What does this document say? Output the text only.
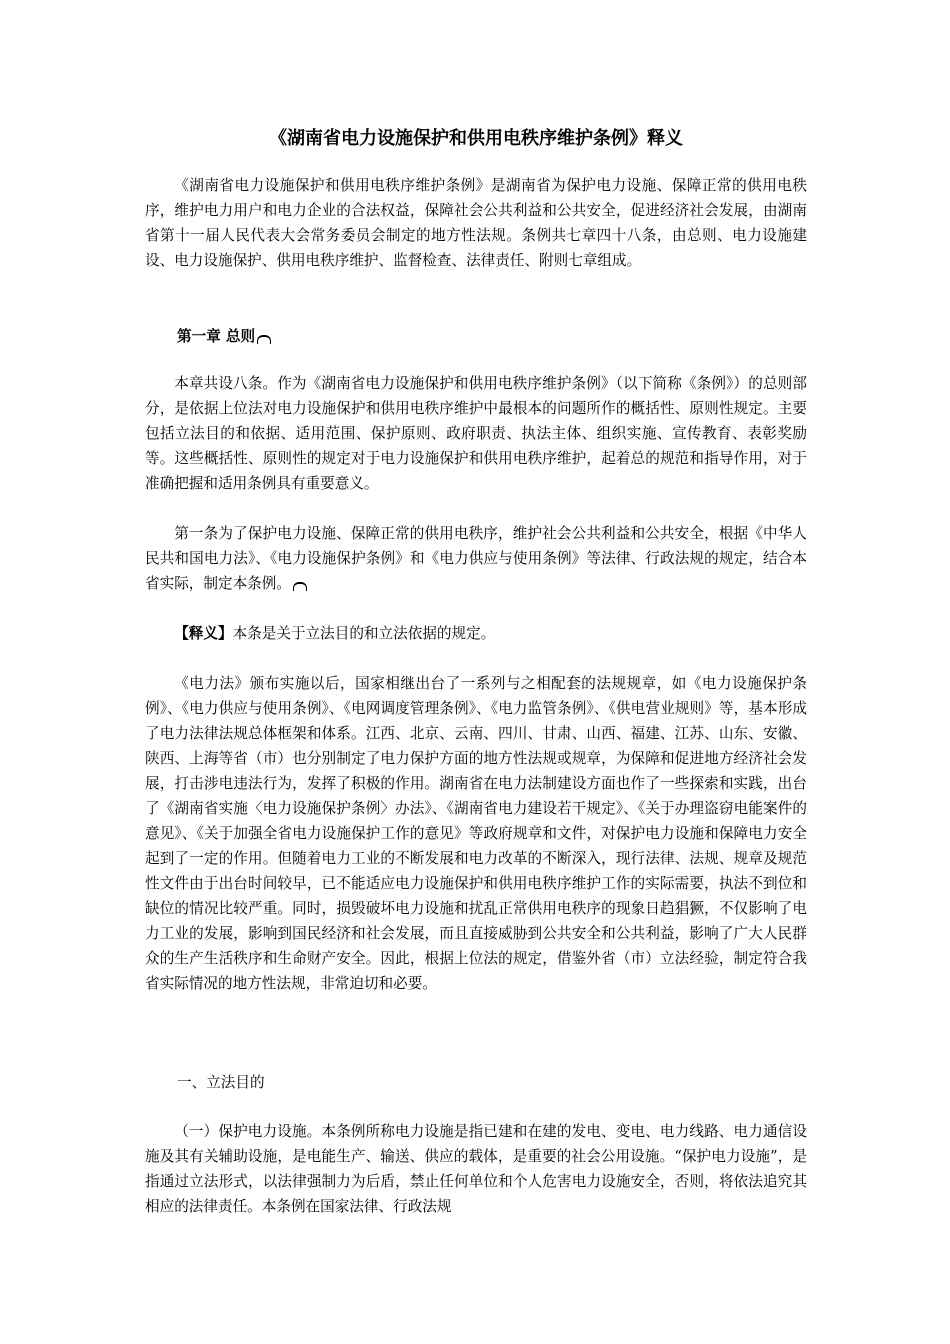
《湖南省电力设施保护和供用电秩序维护条例》释义

《湖南省电力设施保护和供用电秩序维护条例》是湖南省为保护电力设施、保障正常的供用电秩序，维护电力用户和电力企业的合法权益，保障社会公共利益和公共安全，促进经济社会发展，由湖南省第十一届人民代表大会常务委员会制定的地方性法规。条例共七章四十八条，由总则、电力设施建设、电力设施保护、供用电秩序维护、监督检查、法律责任、附则七章组成。

第一章 总则

本章共设八条。作为《湖南省电力设施保护和供用电秩序维护条例》（以下简称《条例》）的总则部分，是依据上位法对电力设施保护和供用电秩序维护中最根本的问题所作的概括性、原则性规定。主要包括立法目的和依据、适用范围、保护原则、政府职责、执法主体、组织实施、宣传教育、表彰奖励等。这些概括性、原则性的规定对于电力设施保护和供用电秩序维护，起着总的规范和指导作用，对于准确把握和适用条例具有重要意义。

第一条为了保护电力设施、保障正常的供用电秩序，维护社会公共利益和公共安全，根据《中华人民共和国电力法》、《电力设施保护条例》和《电力供应与使用条例》等法律、行政法规的规定，结合本省实际，制定本条例。

【释义】本条是关于立法目的和立法依据的规定。

《电力法》颁布实施以后，国家相继出台了一系列与之相配套的法规规章，如《电力设施保护条例》、《电力供应与使用条例》、《电网调度管理条例》、《电力监管条例》、《供电营业规则》等，基本形成了电力法律法规总体框架和体系。江西、北京、云南、四川、甘肃、山西、福建、江苏、山东、安徽、陕西、上海等省（市）也分别制定了电力保护方面的地方性法规或规章，为保障和促进地方经济社会发展，打击涉电违法行为，发挥了积极的作用。湖南省在电力法制建设方面也作了一些探索和实践，出台了《湖南省实施〈电力设施保护条例〉办法》、《湖南省电力建设若干规定》、《关于办理盗窃电能案件的意见》、《关于加强全省电力设施保护工作的意见》等政府规章和文件，对保护电力设施和保障电力安全起到了一定的作用。但随着电力工业的不断发展和电力改革的不断深入，现行法律、法规、规章及规范性文件由于出台时间较早，已不能适应电力设施保护和供用电秩序维护工作的实际需要，执法不到位和缺位的情况比较严重。同时，损毁破坏电力设施和扰乱正常供用电秩序的现象日趋猖獗，不仅影响了电力工业的发展，影响到国民经济和社会发展，而且直接威胁到公共安全和公共利益，影响了广大人民群众的生产生活秩序和生命财产安全。因此，根据上位法的规定，借鉴外省（市）立法经验，制定符合我省实际情况的地方性法规，非常迫切和必要。

一、立法目的

（一）保护电力设施。本条例所称电力设施是指已建和在建的发电、变电、电力线路、电力通信设施及其有关辅助设施，是电能生产、输送、供应的载体，是重要的社会公用设施。“保护电力设施”，是指通过立法形式，以法律强制力为后盾，禁止任何单位和个人危害电力设施安全，否则，将依法追究其相应的法律责任。本条例在国家法律、行政法规
